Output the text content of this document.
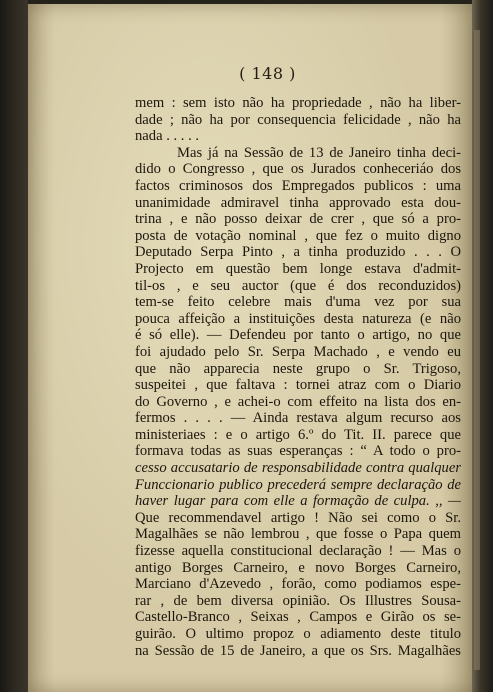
( 148 )
mem : sem isto não ha propriedade , não ha liber-
dade ; não ha por consequencia felicidade , não ha
nada . . . . .
Mas já na Sessão de 13 de Janeiro tinha deci-
dido o Congresso , que os Jurados conheceriáo dos
factos criminosos dos Empregados publicos : uma
unanimidade admiravel tinha approvado esta dou-
trina , e não posso deixar de crer , que só a pro-
posta de votação nominal , que fez o muito digno
Deputado Serpa Pinto , a tinha produzido . . . O
Projecto em questão bem longe estava d'admit-
til-os , e seu auctor (que é dos reconduzidos)
tem-se feito celebre mais d'uma vez por sua
pouca affeição a instituições desta natureza (e não
é só elle). — Defendeu por tanto o artigo, no que
foi ajudado pelo Sr. Serpa Machado , e vendo eu
que não apparecia neste grupo o Sr. Trigoso,
suspeitei , que faltava : tornei atraz com o Diario
do Governo , e achei-o com effeito na lista dos en-
fermos . . . . — Ainda restava algum recurso aos
ministeriaes : e o artigo 6.º do Tit. II. parece que
formava todas as suas esperanças : “ A todo o pro-
cesso accusatario de responsabilidade contra qualquer
Funccionario publico precederá sempre declaração de
haver lugar para com elle a formação de culpa. ,, —
Que recommendavel artigo ! Não sei como o Sr.
Magalhães se não lembrou , que fosse o Papa quem
fizesse aquella constitucional declaração ! — Mas o
antigo Borges Carneiro, e novo Borges Carneiro,
Marciano d'Azevedo , forão, como podiamos espe-
rar , de bem diversa opinião. Os Illustres Sousa-
Castello-Branco , Seixas , Campos e Girão os se-
guirão. O ultimo propoz o adiamento deste titulo
na Sessão de 15 de Janeiro, a que os Srs. Magalhães
